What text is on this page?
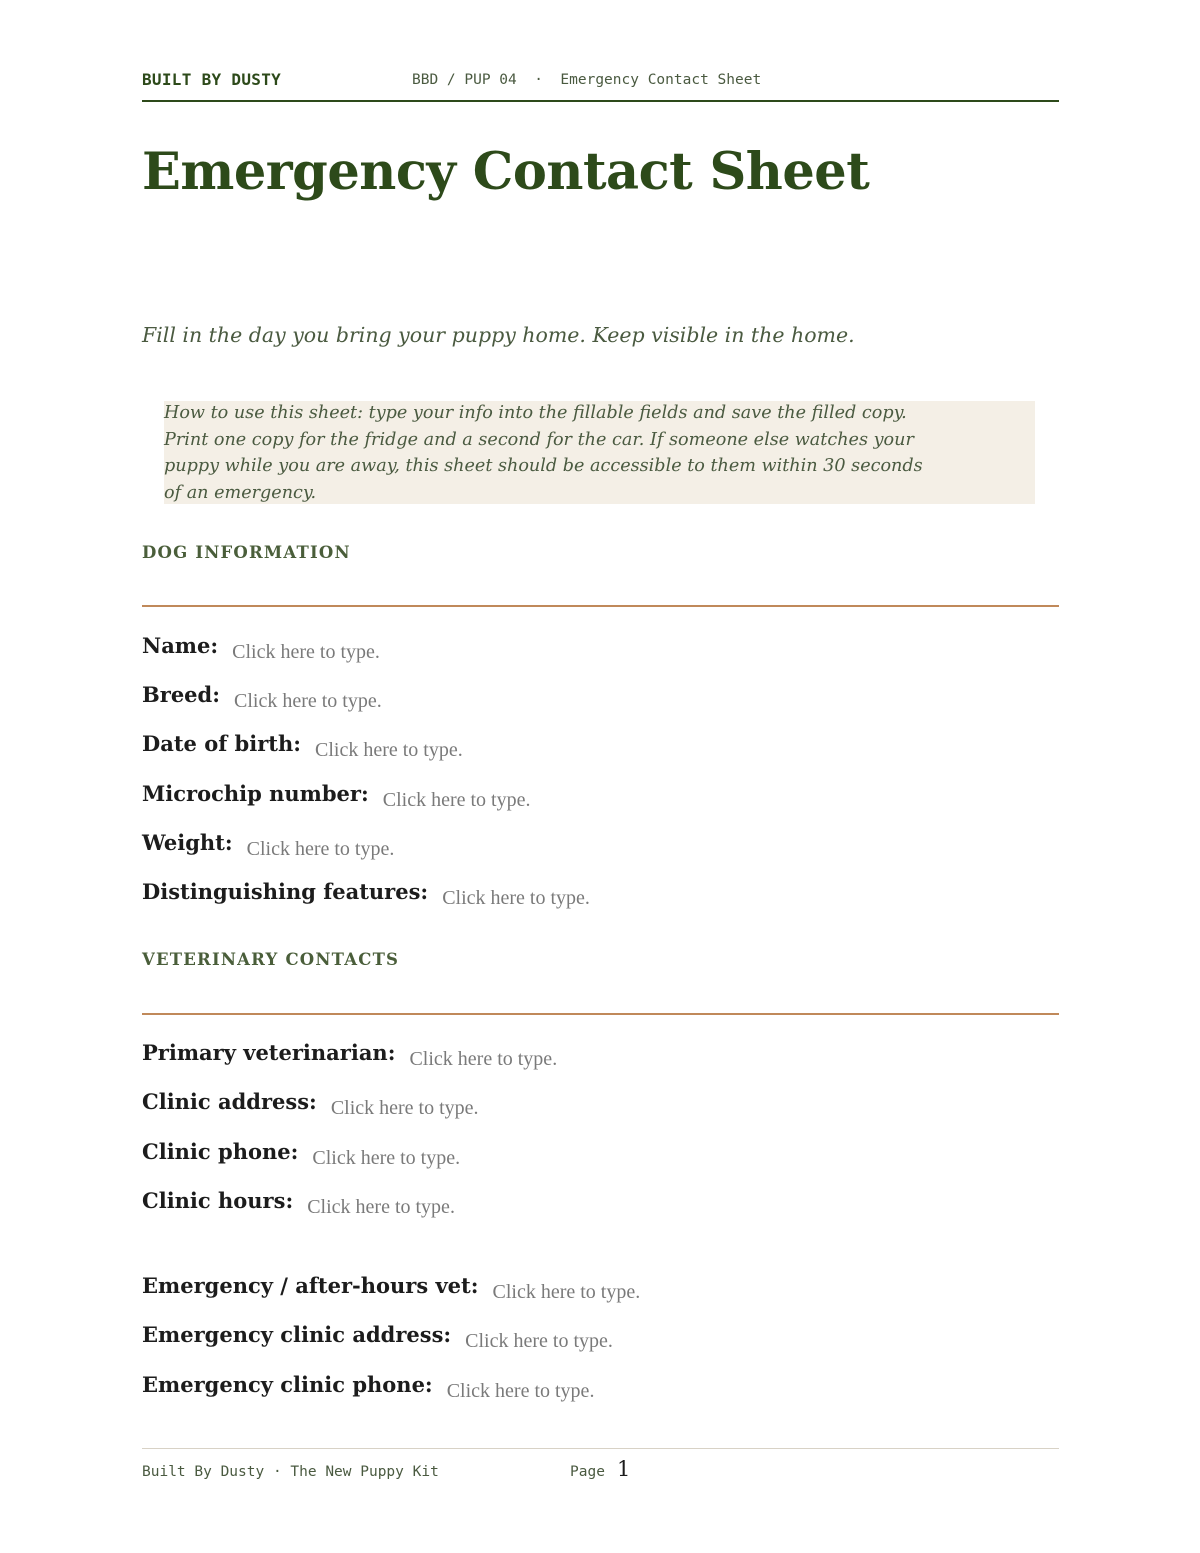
BUILT BY DUSTY	BBD / PUP 04  ·  Emergency Contact Sheet
Emergency Contact Sheet
Fill in the day you bring your puppy home. Keep visible in the home.

How to use this sheet: type your info into the fillable fields and save the filled copy.
Print one copy for the fridge and a second for the car. If someone else watches your
puppy while you are away, this sheet should be accessible to them within 30 seconds
of an emergency.

DOG INFORMATION
Name: Click here to type.
Breed: Click here to type.
Date of birth: Click here to type.
Microchip number: Click here to type.
Weight: Click here to type.
Distinguishing features: Click here to type.
VETERINARY CONTACTS
Primary veterinarian: Click here to type.
Clinic address: Click here to type.
Clinic phone: Click here to type.
Clinic hours: Click here to type.
Emergency / after-hours vet: Click here to type.
Emergency clinic address: Click here to type.
Emergency clinic phone: Click here to type.
Built By Dusty · The New Puppy Kit	Page 1
